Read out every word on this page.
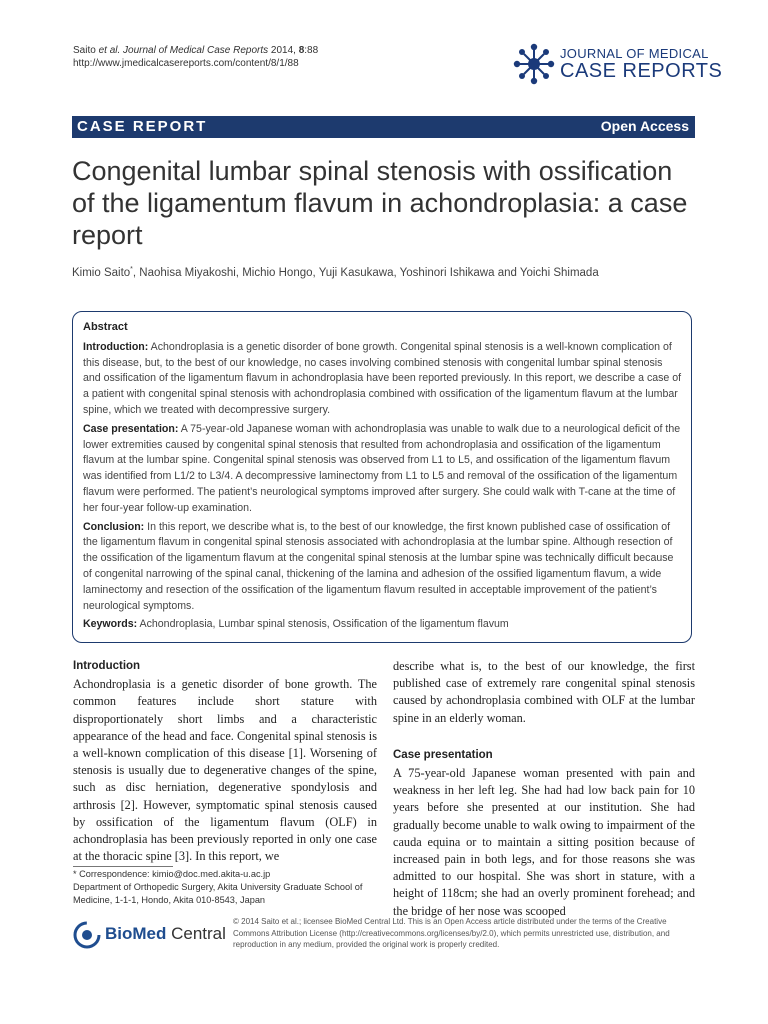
Saito et al. Journal of Medical Case Reports 2014, 8:88
http://www.jmedicalcasereports.com/content/8/1/88
JOURNAL OF MEDICAL
CASE REPORTS
CASE REPORT	Open Access
Congenital lumbar spinal stenosis with ossification of the ligamentum flavum in achondroplasia: a case report
Kimio Saito*, Naohisa Miyakoshi, Michio Hongo, Yuji Kasukawa, Yoshinori Ishikawa and Yoichi Shimada
Abstract

Introduction: Achondroplasia is a genetic disorder of bone growth. Congenital spinal stenosis is a well-known complication of this disease, but, to the best of our knowledge, no cases involving combined stenosis with congenital lumbar spinal stenosis and ossification of the ligamentum flavum in achondroplasia have been reported previously. In this report, we describe a case of a patient with congenital spinal stenosis with achondroplasia combined with ossification of the ligamentum flavum at the lumbar spine, which we treated with decompressive surgery.

Case presentation: A 75-year-old Japanese woman with achondroplasia was unable to walk due to a neurological deficit of the lower extremities caused by congenital spinal stenosis that resulted from achondroplasia and ossification of the ligamentum flavum at the lumbar spine. Congenital spinal stenosis was observed from L1 to L5, and ossification of the ligamentum flavum was identified from L1/2 to L3/4. A decompressive laminectomy from L1 to L5 and removal of the ossification of the ligamentum flavum were performed. The patient’s neurological symptoms improved after surgery. She could walk with T-cane at the time of her four-year follow-up examination.

Conclusion: In this report, we describe what is, to the best of our knowledge, the first known published case of ossification of the ligamentum flavum in congenital spinal stenosis associated with achondroplasia at the lumbar spine. Although resection of the ossification of the ligamentum flavum at the congenital spinal stenosis at the lumbar spine was technically difficult because of congenital narrowing of the spinal canal, thickening of the lamina and adhesion of the ossified ligamentum flavum, a wide laminectomy and resection of the ossification of the ligamentum flavum resulted in acceptable improvement of the patient’s neurological symptoms.

Keywords: Achondroplasia, Lumbar spinal stenosis, Ossification of the ligamentum flavum

Introduction

Achondroplasia is a genetic disorder of bone growth. The common features include short stature with disproportionately short limbs and a characteristic appearance of the head and face. Congenital spinal stenosis is a well-known complication of this disease [1]. Worsening of stenosis is usually due to degenerative changes of the spine, such as disc herniation, degenerative spondylosis and arthrosis [2]. However, symptomatic spinal stenosis caused by ossification of the ligamentum flavum (OLF) in achondroplasia has been previously reported in only one case at the thoracic spine [3]. In this report, we

describe what is, to the best of our knowledge, the first published case of extremely rare congenital spinal stenosis caused by achondroplasia combined with OLF at the lumbar spine in an elderly woman.

Case presentation

A 75-year-old Japanese woman presented with pain and weakness in her left leg. She had had low back pain for 10 years before she presented at our institution. She had gradually become unable to walk owing to impairment of the cauda equina or to maintain a sitting position because of increased pain in both legs, and for those reasons she was admitted to our hospital. She was short in stature, with a height of 118cm; she had an overly prominent forehead; and the bridge of her nose was scooped

* Correspondence: kimio@doc.med.akita-u.ac.jp
Department of Orthopedic Surgery, Akita University Graduate School of Medicine, 1-1-1, Hondo, Akita 010-8543, Japan
BioMed Central
© 2014 Saito et al.; licensee BioMed Central Ltd. This is an Open Access article distributed under the terms of the Creative Commons Attribution License (http://creativecommons.org/licenses/by/2.0), which permits unrestricted use, distribution, and reproduction in any medium, provided the original work is properly credited.
